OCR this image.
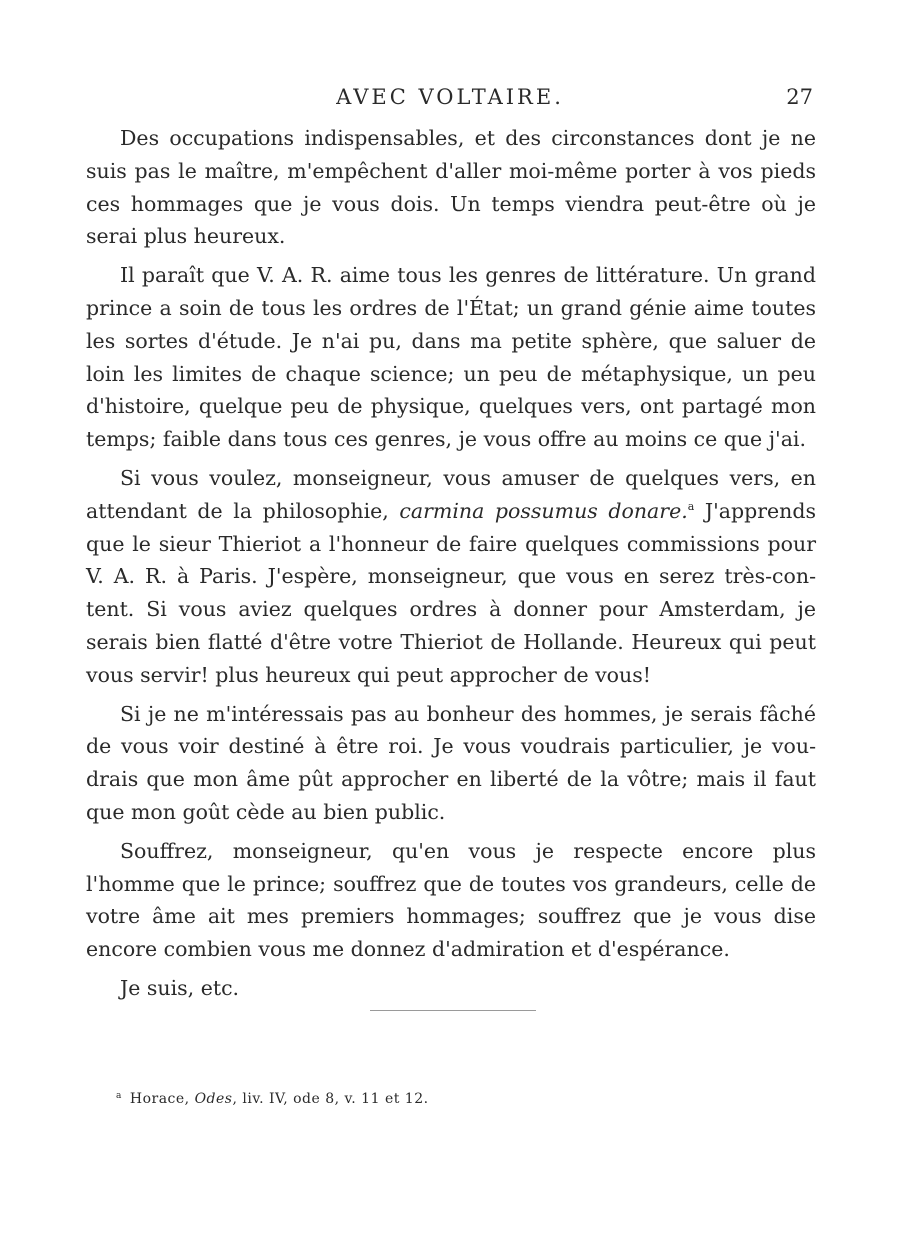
AVEC VOLTAIRE.	27

Des occupations indispensables, et des circonstances dont je ne suis pas le maître, m'empêchent d'aller moi-même porter à vos pieds ces hommages que je vous dois. Un temps viendra peut-être où je serai plus heureux.

Il paraît que V. A. R. aime tous les genres de littérature. Un grand prince a soin de tous les ordres de l'État; un grand génie aime toutes les sortes d'étude. Je n'ai pu, dans ma petite sphère, que saluer de loin les limites de chaque science; un peu de métaphysique, un peu d'histoire, quelque peu de physique, quelques vers, ont partagé mon temps; faible dans tous ces genres, je vous offre au moins ce que j'ai.

Si vous voulez, monseigneur, vous amuser de quelques vers, en attendant de la philosophie, carmina possumus donare.$^a$ J'apprends que le sieur Thieriot a l'honneur de faire quelques commissions pour V. A. R. à Paris. J'espère, monseigneur, que vous en serez très-content. Si vous aviez quelques ordres à donner pour Amsterdam, je serais bien flatté d'être votre Thieriot de Hollande. Heureux qui peut vous servir! plus heureux qui peut approcher de vous!

Si je ne m'intéressais pas au bonheur des hommes, je serais fâché de vous voir destiné à être roi. Je vous voudrais particulier, je voudrais que mon âme pût approcher en liberté de la vôtre; mais il faut que mon goût cède au bien public.

Souffrez, monseigneur, qu'en vous je respecte encore plus l'homme que le prince; souffrez que de toutes vos grandeurs, celle de votre âme ait mes premiers hommages; souffrez que je vous dise encore combien vous me donnez d'admiration et d'espérance.

Je suis, etc.

$^a$ Horace, Odes, liv. IV, ode 8, v. 11 et 12.
